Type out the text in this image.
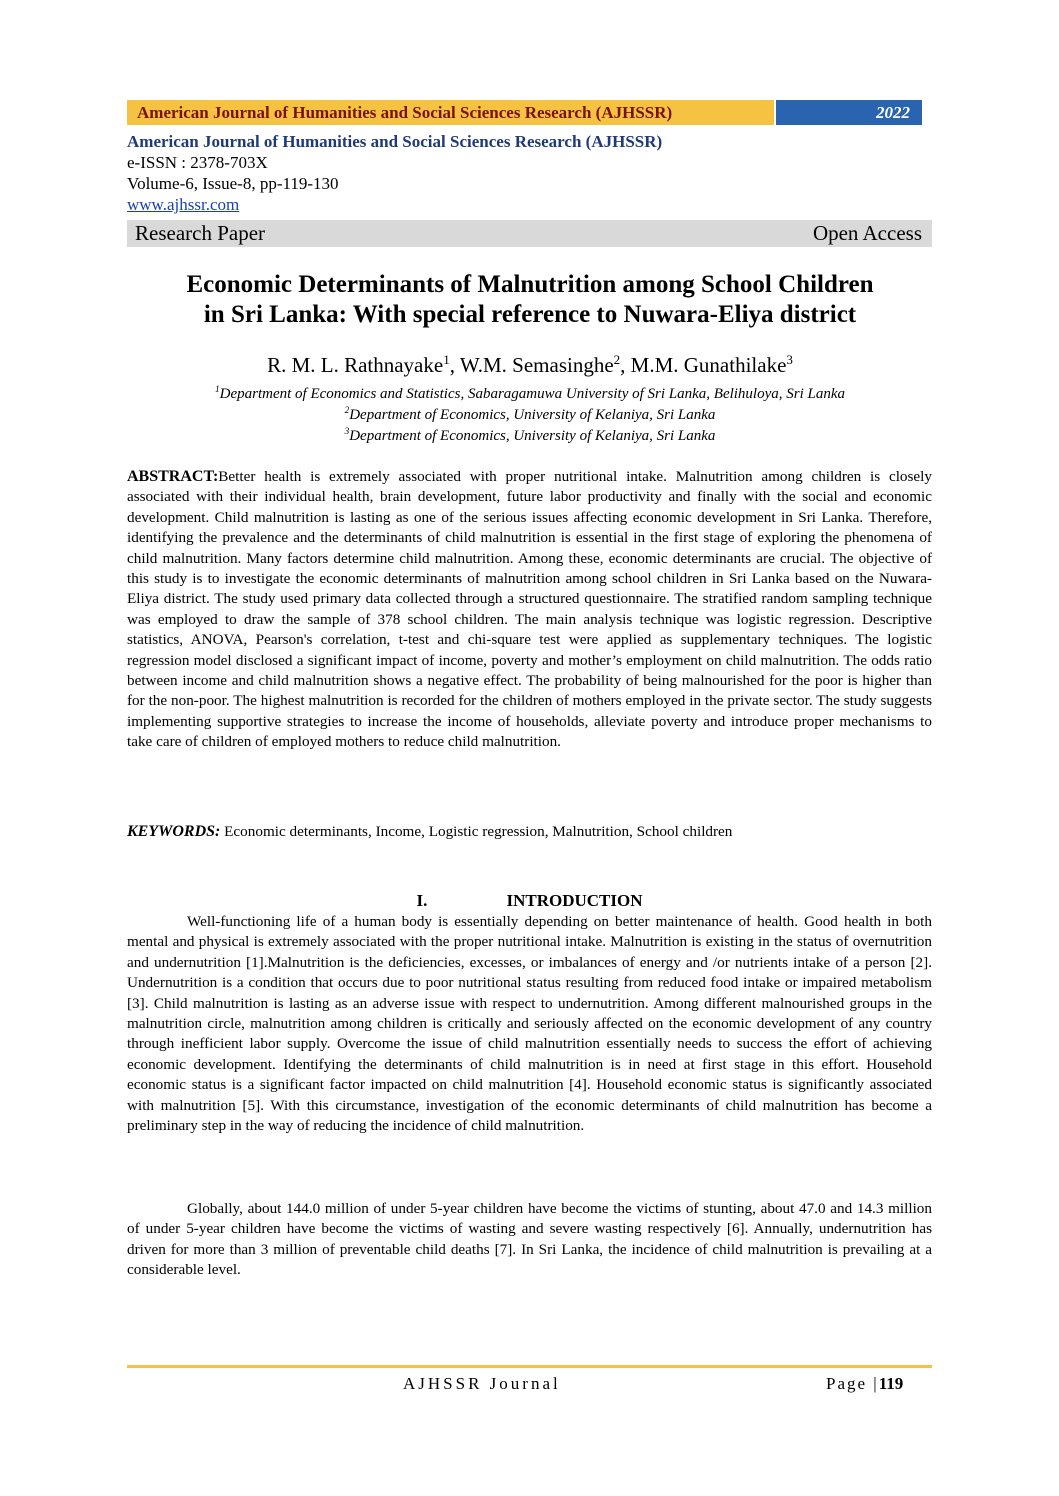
American Journal of Humanities and Social Sciences Research (AJHSSR)	2022
American Journal of Humanities and Social Sciences Research (AJHSSR)
e-ISSN : 2378-703X
Volume-6, Issue-8, pp-119-130
www.ajhssr.com
Research Paper	Open Access
Economic Determinants of Malnutrition among School Children
in Sri Lanka: With special reference to Nuwara-Eliya district
R. M. L. Rathnayake$^1$, W.M. Semasinghe$^2$, M.M. Gunathilake$^3$
$^1$Department of Economics and Statistics, Sabaragamuwa University of Sri Lanka, Belihuloya, Sri Lanka
$^2$Department of Economics, University of Kelaniya, Sri Lanka
$^3$Department of Economics, University of Kelaniya, Sri Lanka
ABSTRACT:Better health is extremely associated with proper nutritional intake. Malnutrition among children is closely associated with their individual health, brain development, future labor productivity and finally with the social and economic development. Child malnutrition is lasting as one of the serious issues affecting economic development in Sri Lanka. Therefore, identifying the prevalence and the determinants of child malnutrition is essential in the first stage of exploring the phenomena of child malnutrition. Many factors determine child malnutrition. Among these, economic determinants are crucial. The objective of this study is to investigate the economic determinants of malnutrition among school children in Sri Lanka based on the Nuwara-Eliya district. The study used primary data collected through a structured questionnaire. The stratified random sampling technique was employed to draw the sample of 378 school children. The main analysis technique was logistic regression. Descriptive statistics, ANOVA, Pearson's correlation, t-test and chi-square test were applied as supplementary techniques. The logistic regression model disclosed a significant impact of income, poverty and mother’s employment on child malnutrition. The odds ratio between income and child malnutrition shows a negative effect. The probability of being malnourished for the poor is higher than for the non-poor. The highest malnutrition is recorded for the children of mothers employed in the private sector. The study suggests implementing supportive strategies to increase the income of households, alleviate poverty and introduce proper mechanisms to take care of children of employed mothers to reduce child malnutrition.
KEYWORDS: Economic determinants, Income, Logistic regression, Malnutrition, School children
I.	INTRODUCTION
Well-functioning life of a human body is essentially depending on better maintenance of health. Good health in both mental and physical is extremely associated with the proper nutritional intake. Malnutrition is existing in the status of overnutrition and undernutrition [1].Malnutrition is the deficiencies, excesses, or imbalances of energy and /or nutrients intake of a person [2]. Undernutrition is a condition that occurs due to poor nutritional status resulting from reduced food intake or impaired metabolism [3]. Child malnutrition is lasting as an adverse issue with respect to undernutrition. Among different malnourished groups in the malnutrition circle, malnutrition among children is critically and seriously affected on the economic development of any country through inefficient labor supply. Overcome the issue of child malnutrition essentially needs to success the effort of achieving economic development. Identifying the determinants of child malnutrition is in need at first stage in this effort. Household economic status is a significant factor impacted on child malnutrition [4]. Household economic status is significantly associated with malnutrition [5]. With this circumstance, investigation of the economic determinants of child malnutrition has become a preliminary step in the way of reducing the incidence of child malnutrition.
Globally, about 144.0 million of under 5-year children have become the victims of stunting, about 47.0 and 14.3 million of under 5-year children have become the victims of wasting and severe wasting respectively [6]. Annually, undernutrition has driven for more than 3 million of preventable child deaths [7]. In Sri Lanka, the incidence of child malnutrition is prevailing at a considerable level.
AJHSSR Journal	Page |119
